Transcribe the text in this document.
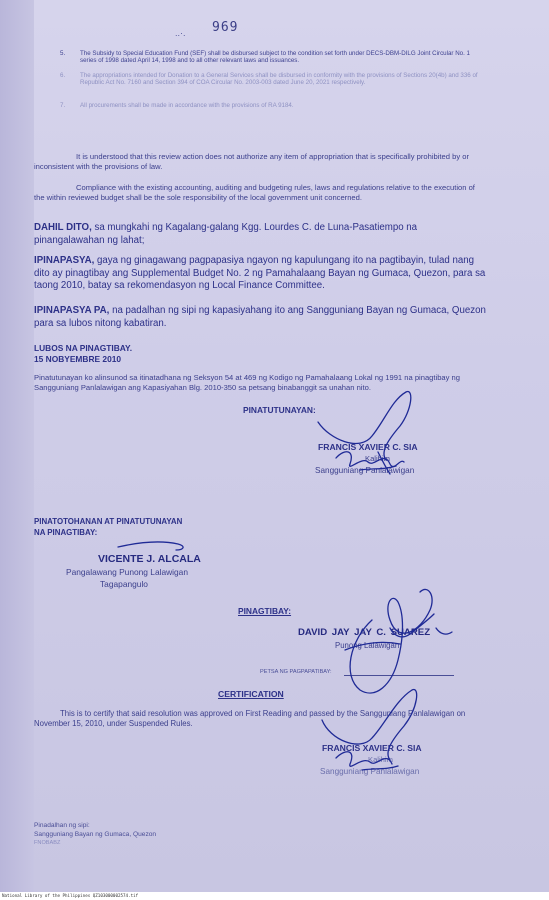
..·. 969
5.	The Subsidy to Special Education Fund (SEF) shall be disbursed subject to the condition set forth under DECS-DBM-DILG Joint Circular No. 1 series of 1998 dated April 14, 1998 and to all other relevant laws and issuances.
6.	The appropriations intended for Donation to a General Services shall be disbursed in conformity with the provisions of Sections 20(4b) and 336 of Republic Act No. 7160 and Section 394 of COA Circular No. 2003-003 dated June 20, 2021 respectively.
7.	All procurements shall be made in accordance with the provisions of RA 9184.
It is understood that this review action does not authorize any item of appropriation that is specifically prohibited by or inconsistent with the provisions of law.
Compliance with the existing accounting, auditing and budgeting rules, laws and regulations relative to the execution of the within reviewed budget shall be the sole responsibility of the local government unit concerned.
DAHIL DITO, sa mungkahi ng Kagalang-galang Kgg. Lourdes C. de Luna-Pasatiempo na pinangalawahan ng lahat;
IPINAPASYA, gaya ng ginagawang pagpapasiya ngayon ng kapulungang ito na pagtibayin, tulad nang dito ay pinagtibay ang Supplemental Budget No. 2 ng Pamahalaang Bayan ng Gumaca, Quezon, para sa taong 2010, batay sa rekomendasyon ng Local Finance Committee.
IPINAPASYA PA, na padalhan ng sipi ng kapasiyahang ito ang Sangguniang Bayan ng Gumaca, Quezon para sa lubos nitong kabatiran.
LUBOS NA PINAGTIBAY.
15 NOBYEMBRE 2010
Pinatutunayan ko alinsunod sa itinatadhana ng Seksyon 54 at 469 ng Kodigo ng Pamahalaang Lokal ng 1991 na pinagtibay ng Sangguniang Panlalawigan ang Kapasiyahan Blg. 2010-350 sa petsang binabanggit sa unahan nito.
PINATUTUNAYAN:
FRANCIS XAVIER C. SIA
Kalihim
Sangguniang Panlalawigan
PINATOTOHANAN AT PINATUTUNAYAN
NA PINAGTIBAY:
VICENTE J. ALCALA
Pangalawang Punong Lalawigan
Tagapangulo
PINAGTIBAY:
DAVID JAY JAY C. SUAREZ
Punong Lalawigan
PETSA NG PAGPAPATIBAY:
CERTIFICATION
This is to certify that said resolution was approved on First Reading and passed by the Sangguniang Panlalawigan on November 15, 2010, under Suspended Rules.
FRANCIS XAVIER C. SIA
Kalihim
Sangguniang Panlalawigan
Pinadalhan ng sipi:
Sangguniang Bayan ng Gumaca, Quezon
FNOBABZ
National Library of the Philippines QZ103000002574.tif
